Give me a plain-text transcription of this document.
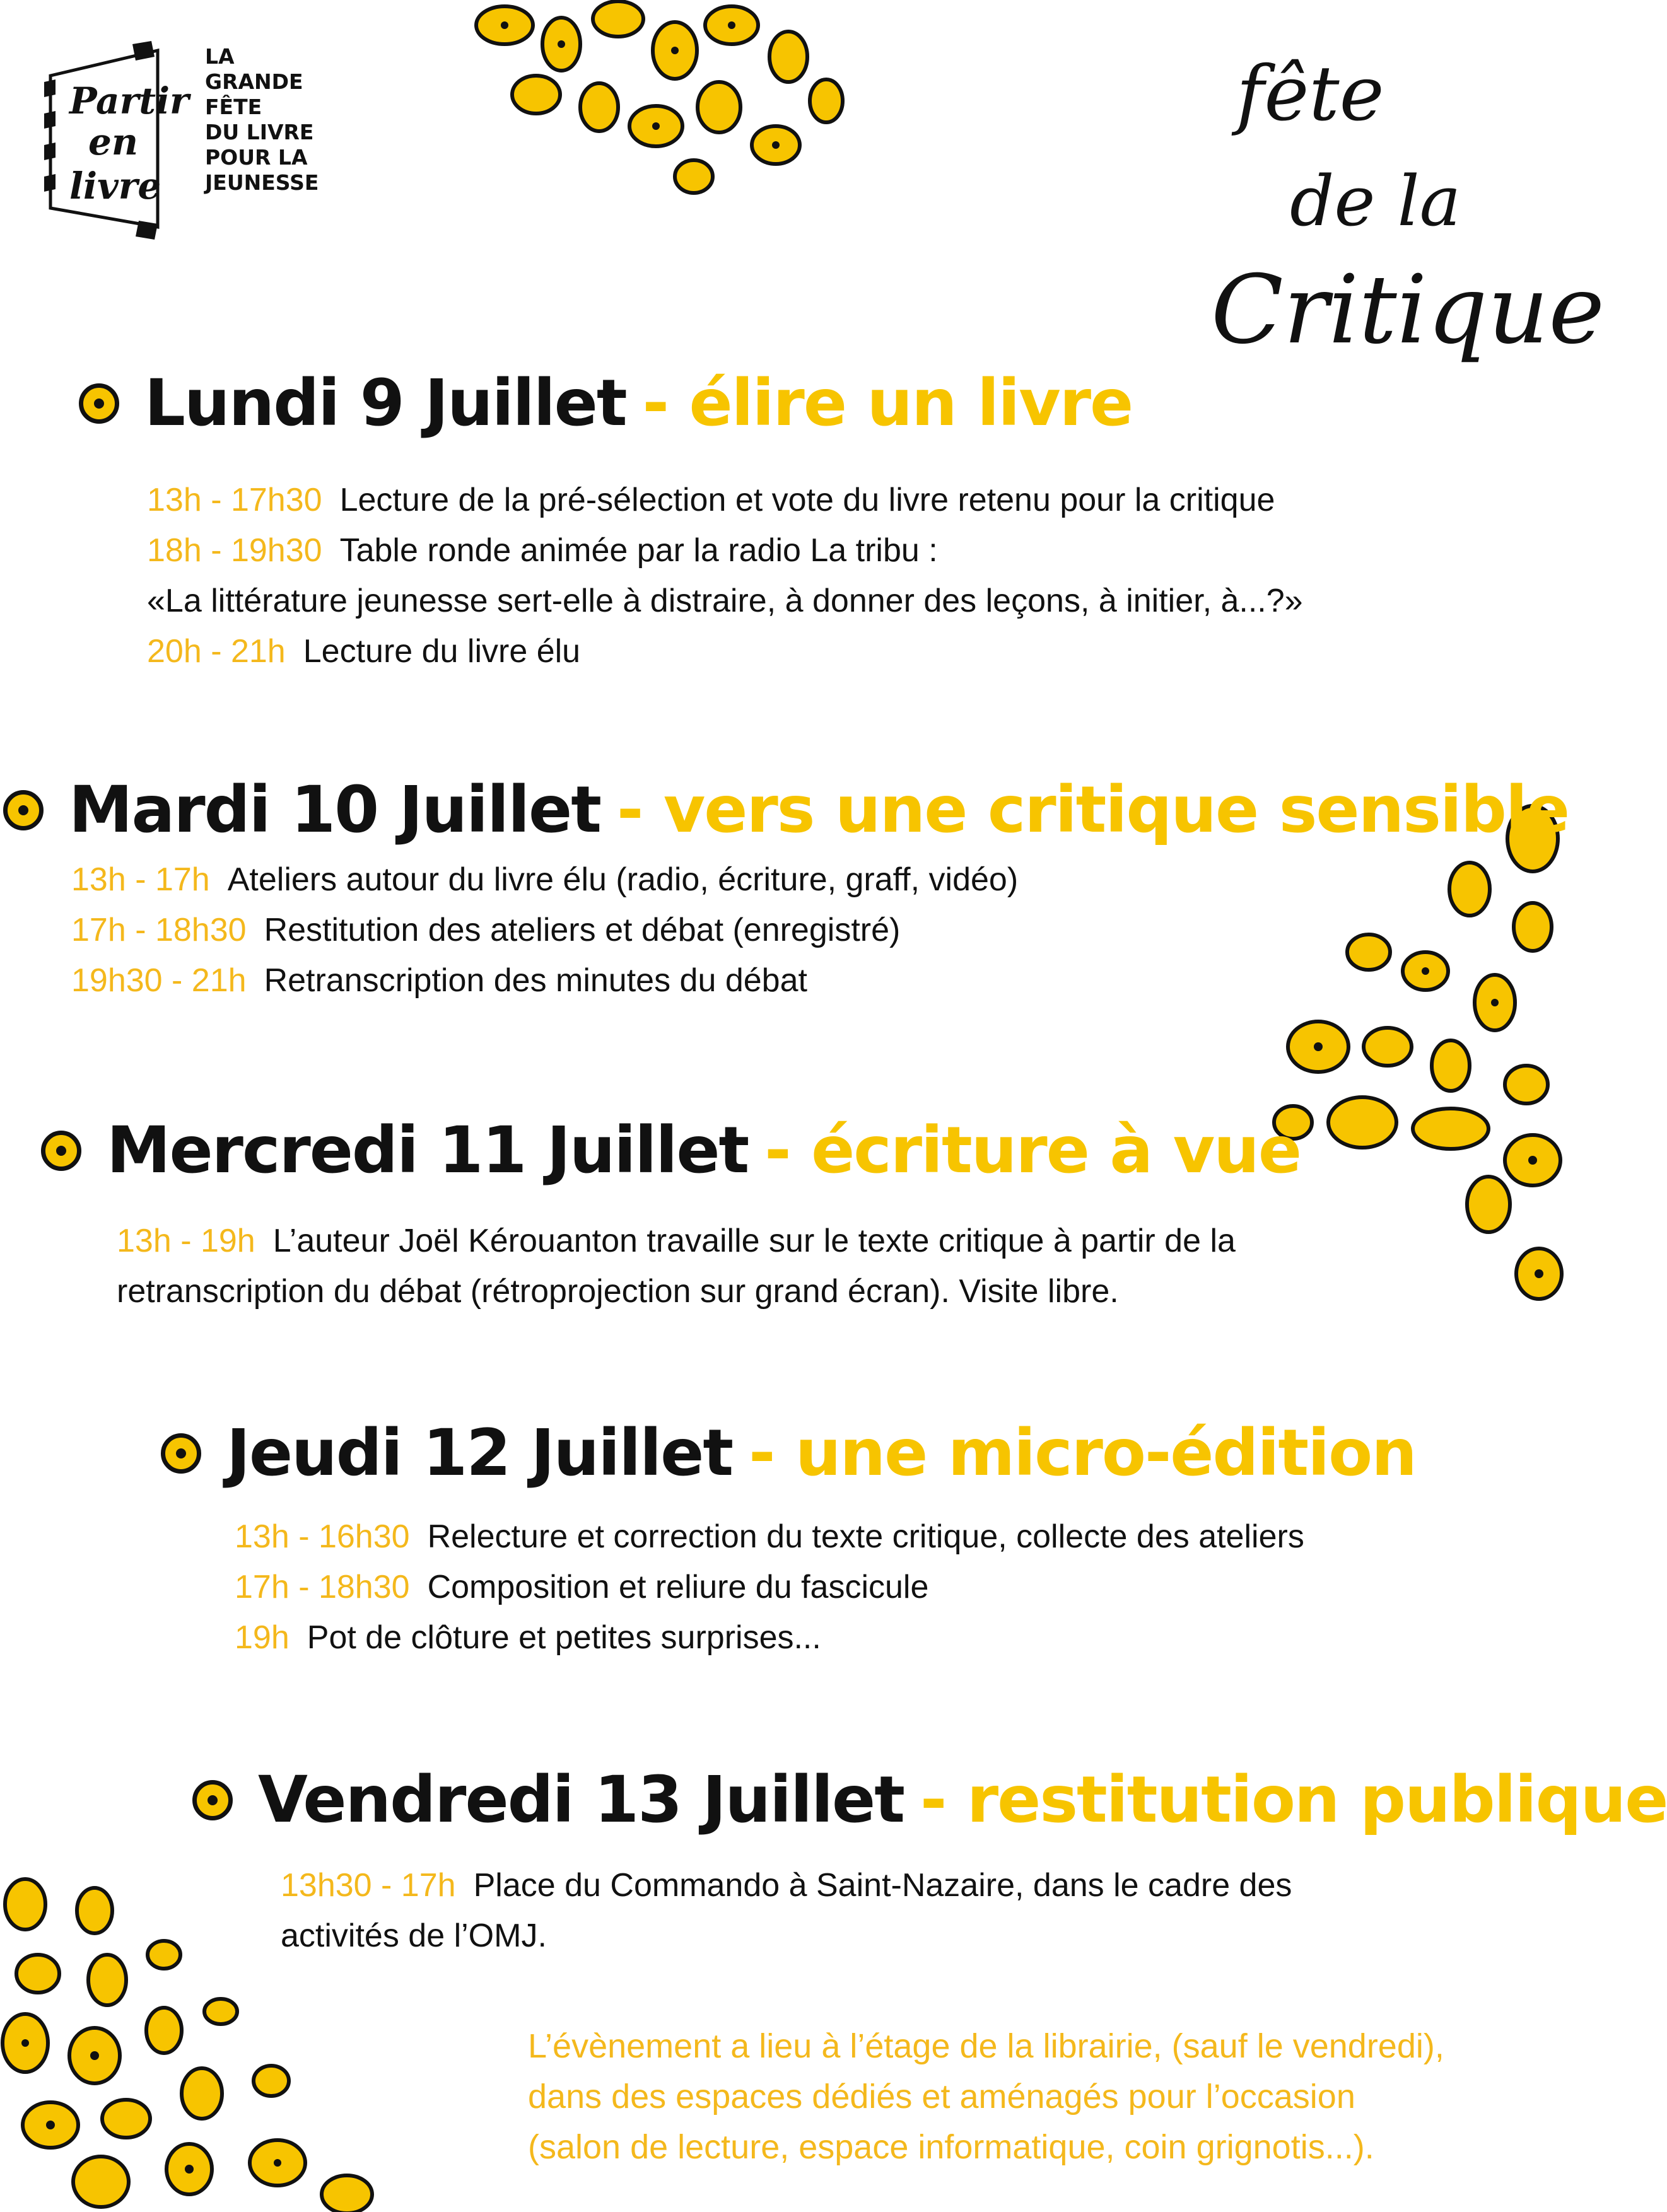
Partir
en
livre
LA
GRANDE
FÊTE
DU LIVRE
POUR LA
JEUNESSE
fête
de la
Critique
Lundi 9 Juillet - élire un livre
13h - 17h30 Lecture de la pré-sélection et vote du livre retenu pour la critique
18h - 19h30 Table ronde animée par la radio La tribu :
«La littérature jeunesse sert-elle à distraire, à donner des leçons, à initier, à...?»
20h - 21h Lecture du livre élu
Mardi 10 Juillet - vers une critique sensible
13h - 17h Ateliers autour du livre élu (radio, écriture, graff, vidéo)
17h - 18h30 Restitution des ateliers et débat (enregistré)
19h30 - 21h Retranscription des minutes du débat
Mercredi 11 Juillet - écriture à vue
13h - 19h L’auteur Joël Kérouanton travaille sur le texte critique à partir de la
retranscription du débat (rétroprojection sur grand écran). Visite libre.
Jeudi 12 Juillet - une micro-édition
13h - 16h30 Relecture et correction du texte critique, collecte des ateliers
17h - 18h30 Composition et reliure du fascicule
19h Pot de clôture et petites surprises...
Vendredi 13 Juillet - restitution publique
13h30 - 17h Place du Commando à Saint-Nazaire, dans le cadre des
activités de l’OMJ.
L’évènement a lieu à l’étage de la librairie, (sauf le vendredi),
dans des espaces dédiés et aménagés pour l’occasion
(salon de lecture, espace informatique, coin grignotis...).
